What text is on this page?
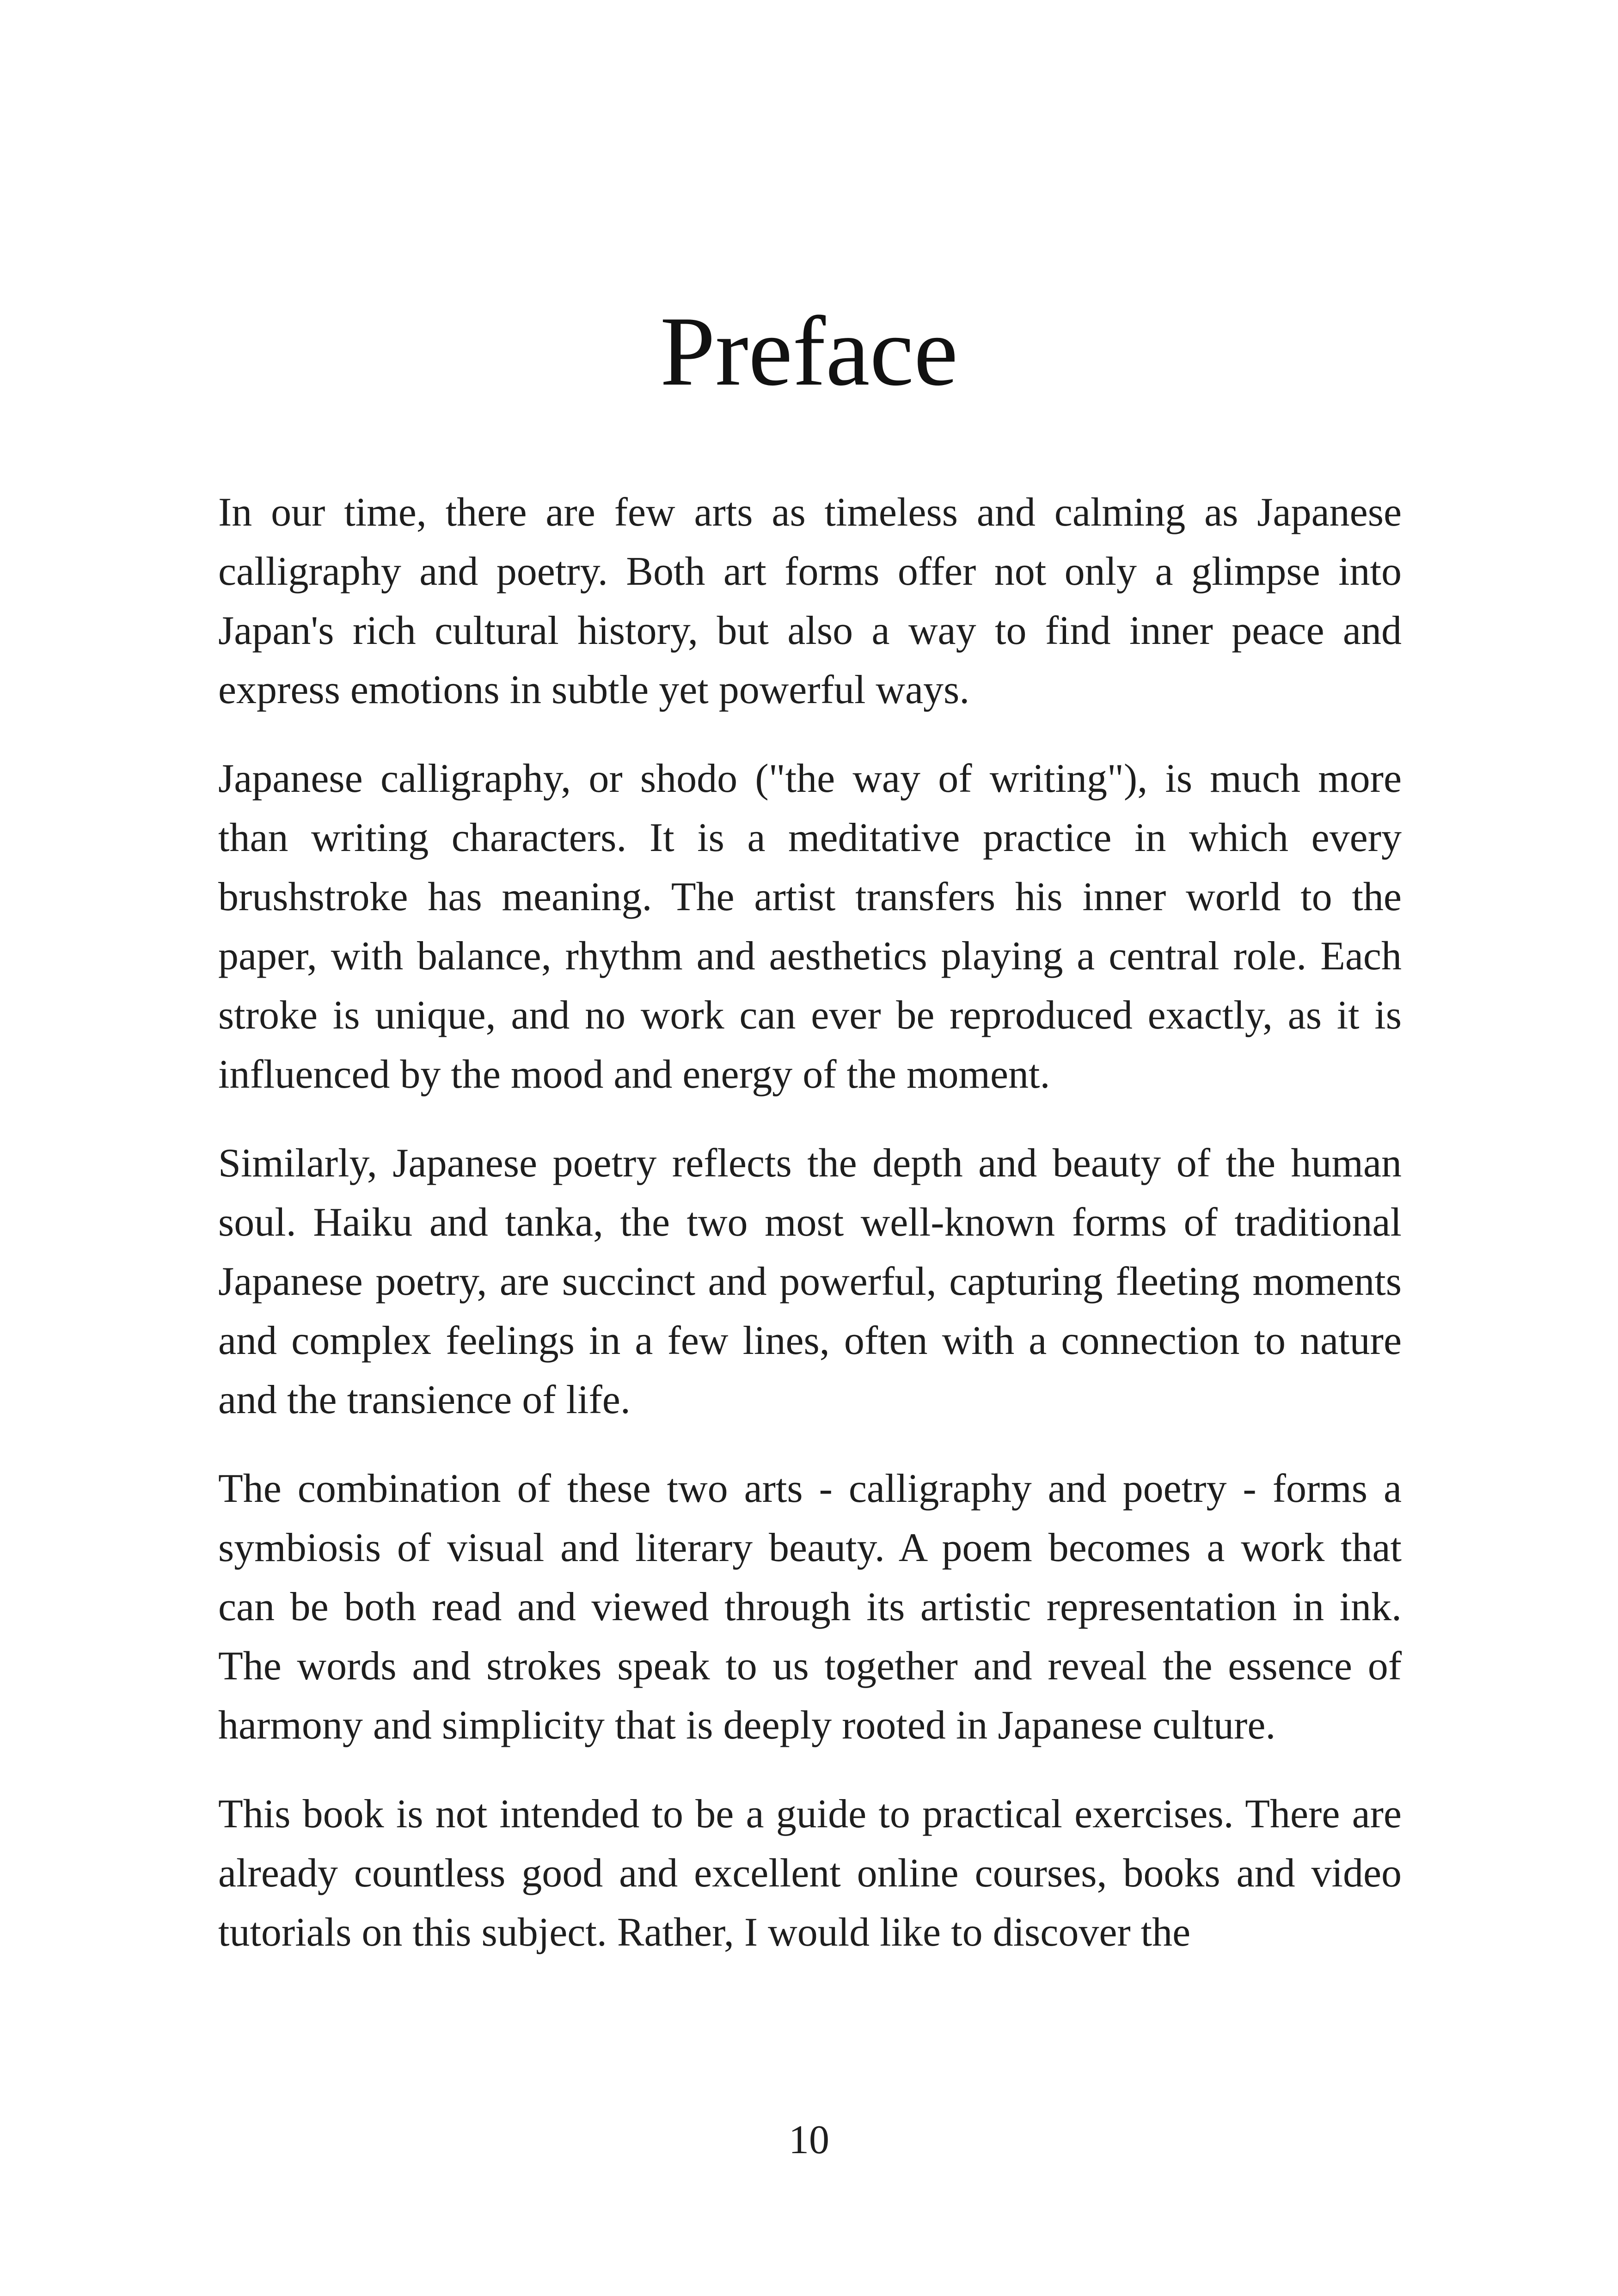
Preface

In our time, there are few arts as timeless and calming as Japanese calligraphy and poetry. Both art forms offer not only a glimpse into Japan's rich cultural history, but also a way to find inner peace and express emotions in subtle yet powerful ways.

Japanese calligraphy, or shodo ("the way of writing"), is much more than writing characters. It is a meditative practice in which every brushstroke has meaning. The artist transfers his inner world to the paper, with balance, rhythm and aesthetics playing a central role. Each stroke is unique, and no work can ever be reproduced exactly, as it is influenced by the mood and energy of the moment.

Similarly, Japanese poetry reflects the depth and beauty of the human soul. Haiku and tanka, the two most well-known forms of traditional Japanese poetry, are succinct and powerful, capturing fleeting moments and complex feelings in a few lines, often with a connection to nature and the transience of life.

The combination of these two arts - calligraphy and poetry - forms a symbiosis of visual and literary beauty. A poem becomes a work that can be both read and viewed through its artistic representation in ink. The words and strokes speak to us together and reveal the essence of harmony and simplicity that is deeply rooted in Japanese culture.

This book is not intended to be a guide to practical exercises. There are already countless good and excellent online courses, books and video tutorials on this subject. Rather, I would like to discover the

10
